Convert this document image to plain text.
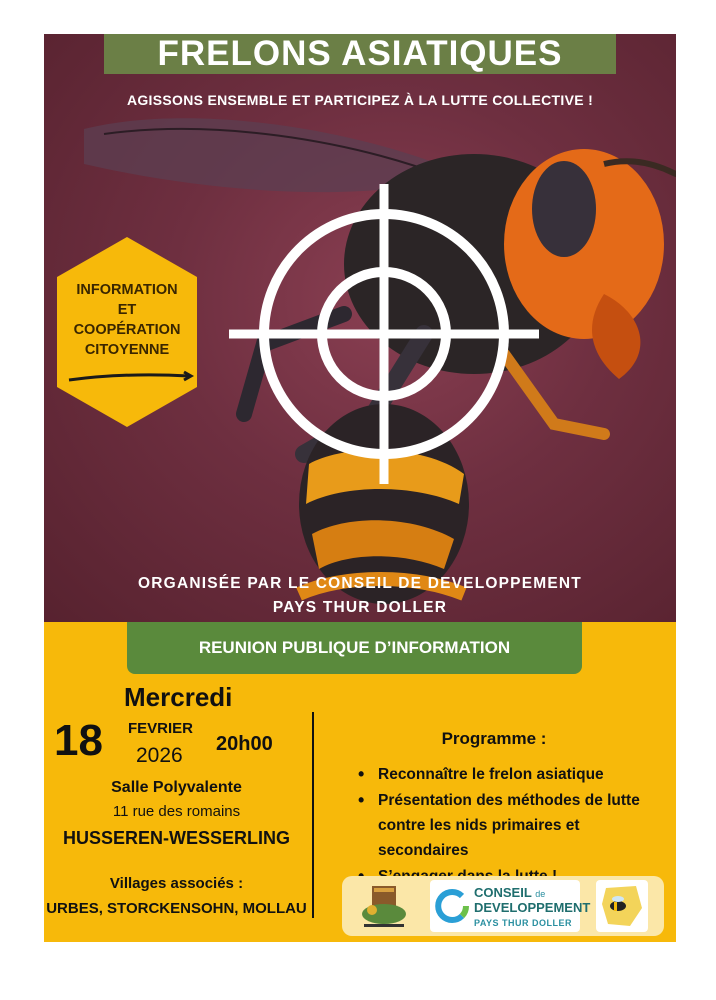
FRELONS ASIATIQUES
AGISSONS ENSEMBLE ET PARTICIPEZ À LA LUTTE COLLECTIVE !
INFORMATION
ET
COOPÉRATION
CITOYENNE
ORGANISÉE PAR LE CONSEIL DE DEVELOPPEMENT
PAYS THUR DOLLER
REUNION PUBLIQUE D’INFORMATION
Mercredi
18 FEVRIER
2026 20h00
Salle Polyvalente
11 rue des romains
HUSSEREN-WESSERLING
Villages associés :
URBES, STORCKENSOHN, MOLLAU
Programme :
• Reconnaître le frelon asiatique
• Présentation des méthodes de lutte contre les nids primaires et secondaires
•
CONSEIL de
DEVELOPPEMENT
PAYS THUR DOLLER
